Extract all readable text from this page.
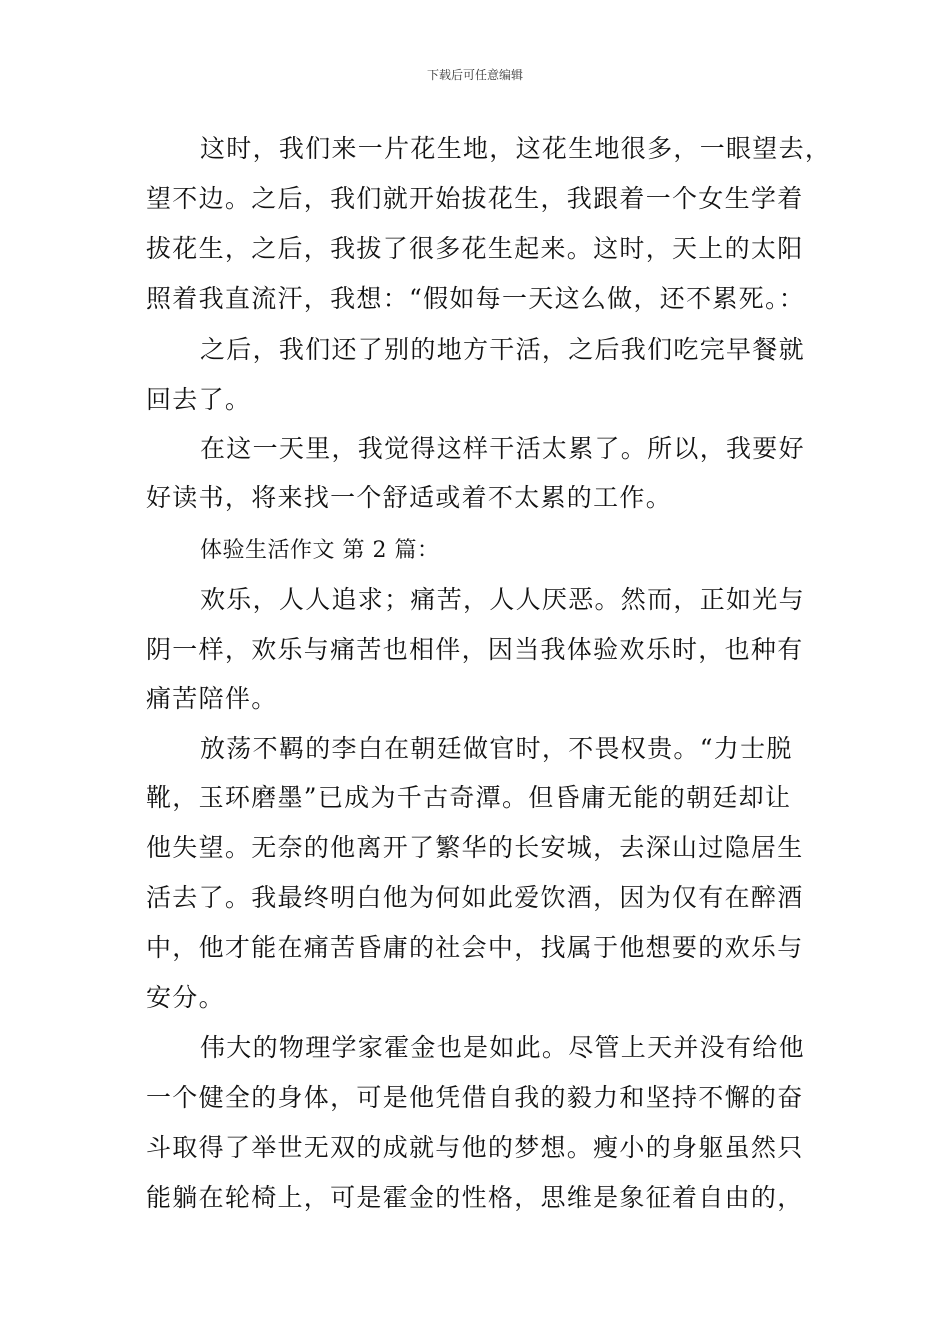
下载后可任意编辑
这时，我们来一片花生地，这花生地很多，一眼望去，
望不边。之后，我们就开始拔花生，我跟着一个女生学着
拔花生，之后，我拔了很多花生起来。这时，天上的太阳
照着我直流汗，我想：“假如每一天这么做，还不累死。：
之后，我们还了别的地方干活，之后我们吃完早餐就
回去了。
在这一天里，我觉得这样干活太累了。所以，我要好
好读书，将来找一个舒适或着不太累的工作。
体验生活作文 第 2 篇：
欢乐，人人追求；痛苦，人人厌恶。然而，正如光与
阴一样，欢乐与痛苦也相伴，因当我体验欢乐时，也种有
痛苦陪伴。
放荡不羁的李白在朝廷做官时，不畏权贵。“力士脱
靴，玉环磨墨”已成为千古奇潭。但昏庸无能的朝廷却让
他失望。无奈的他离开了繁华的长安城，去深山过隐居生
活去了。我最终明白他为何如此爱饮酒，因为仅有在醉酒
中，他才能在痛苦昏庸的社会中，找属于他想要的欢乐与
安分。
伟大的物理学家霍金也是如此。尽管上天并没有给他
一个健全的身体，可是他凭借自我的毅力和坚持不懈的奋
斗取得了举世无双的成就与他的梦想。瘦小的身躯虽然只
能躺在轮椅上，可是霍金的性格，思维是象征着自由的，
